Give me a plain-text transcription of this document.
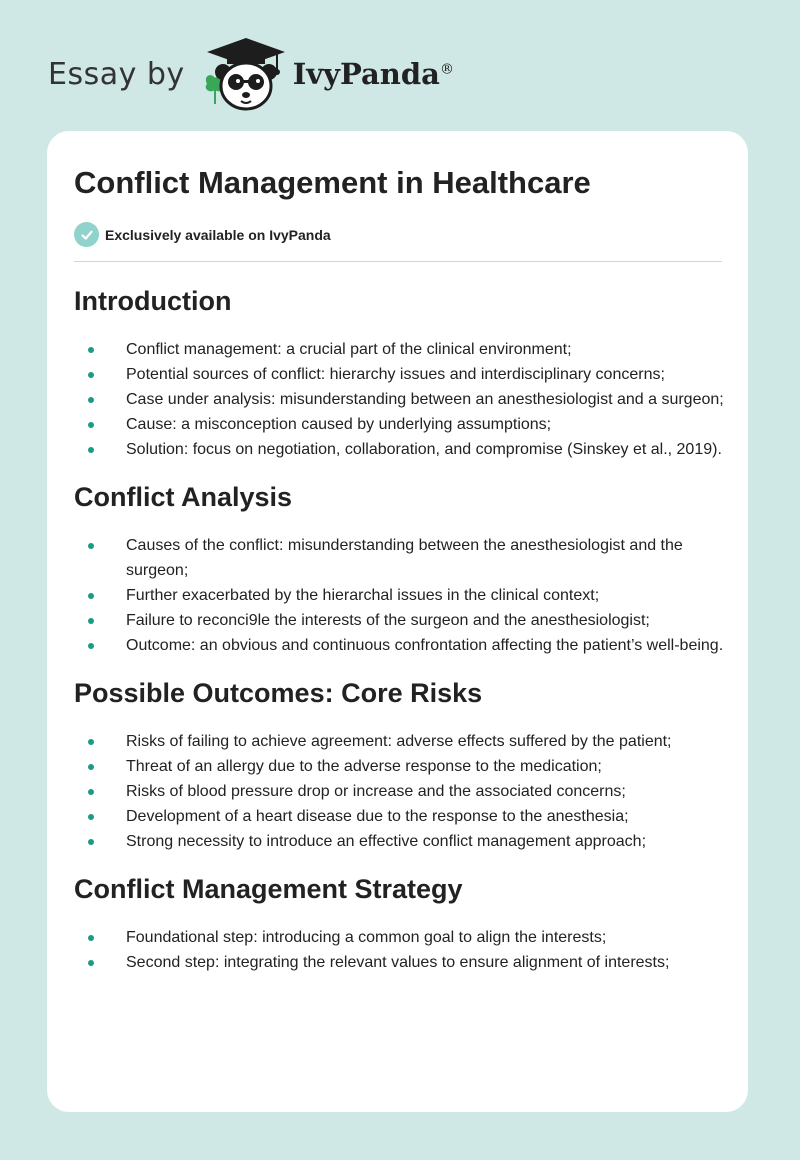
Essay by	IvyPanda®
Conflict Management in Healthcare
Exclusively available on IvyPanda
Introduction
Conflict management: a crucial part of the clinical environment;
Potential sources of conflict: hierarchy issues and interdisciplinary concerns;
Case under analysis: misunderstanding between an anesthesiologist and a surgeon;
Cause: a misconception caused by underlying assumptions;
Solution: focus on negotiation, collaboration, and compromise (Sinskey et al., 2019).
Conflict Analysis
Causes of the conflict: misunderstanding between the anesthesiologist and the surgeon;
Further exacerbated by the hierarchal issues in the clinical context;
Failure to reconci9le the interests of the surgeon and the anesthesiologist;
Outcome: an obvious and continuous confrontation affecting the patient’s well-being.
Possible Outcomes: Core Risks
Risks of failing to achieve agreement: adverse effects suffered by the patient;
Threat of an allergy due to the adverse response to the medication;
Risks of blood pressure drop or increase and the associated concerns;
Development of a heart disease due to the response to the anesthesia;
Strong necessity to introduce an effective conflict management approach;
Conflict Management Strategy
Foundational step: introducing a common goal to align the interests;
Second step: integrating the relevant values to ensure alignment of interests;
